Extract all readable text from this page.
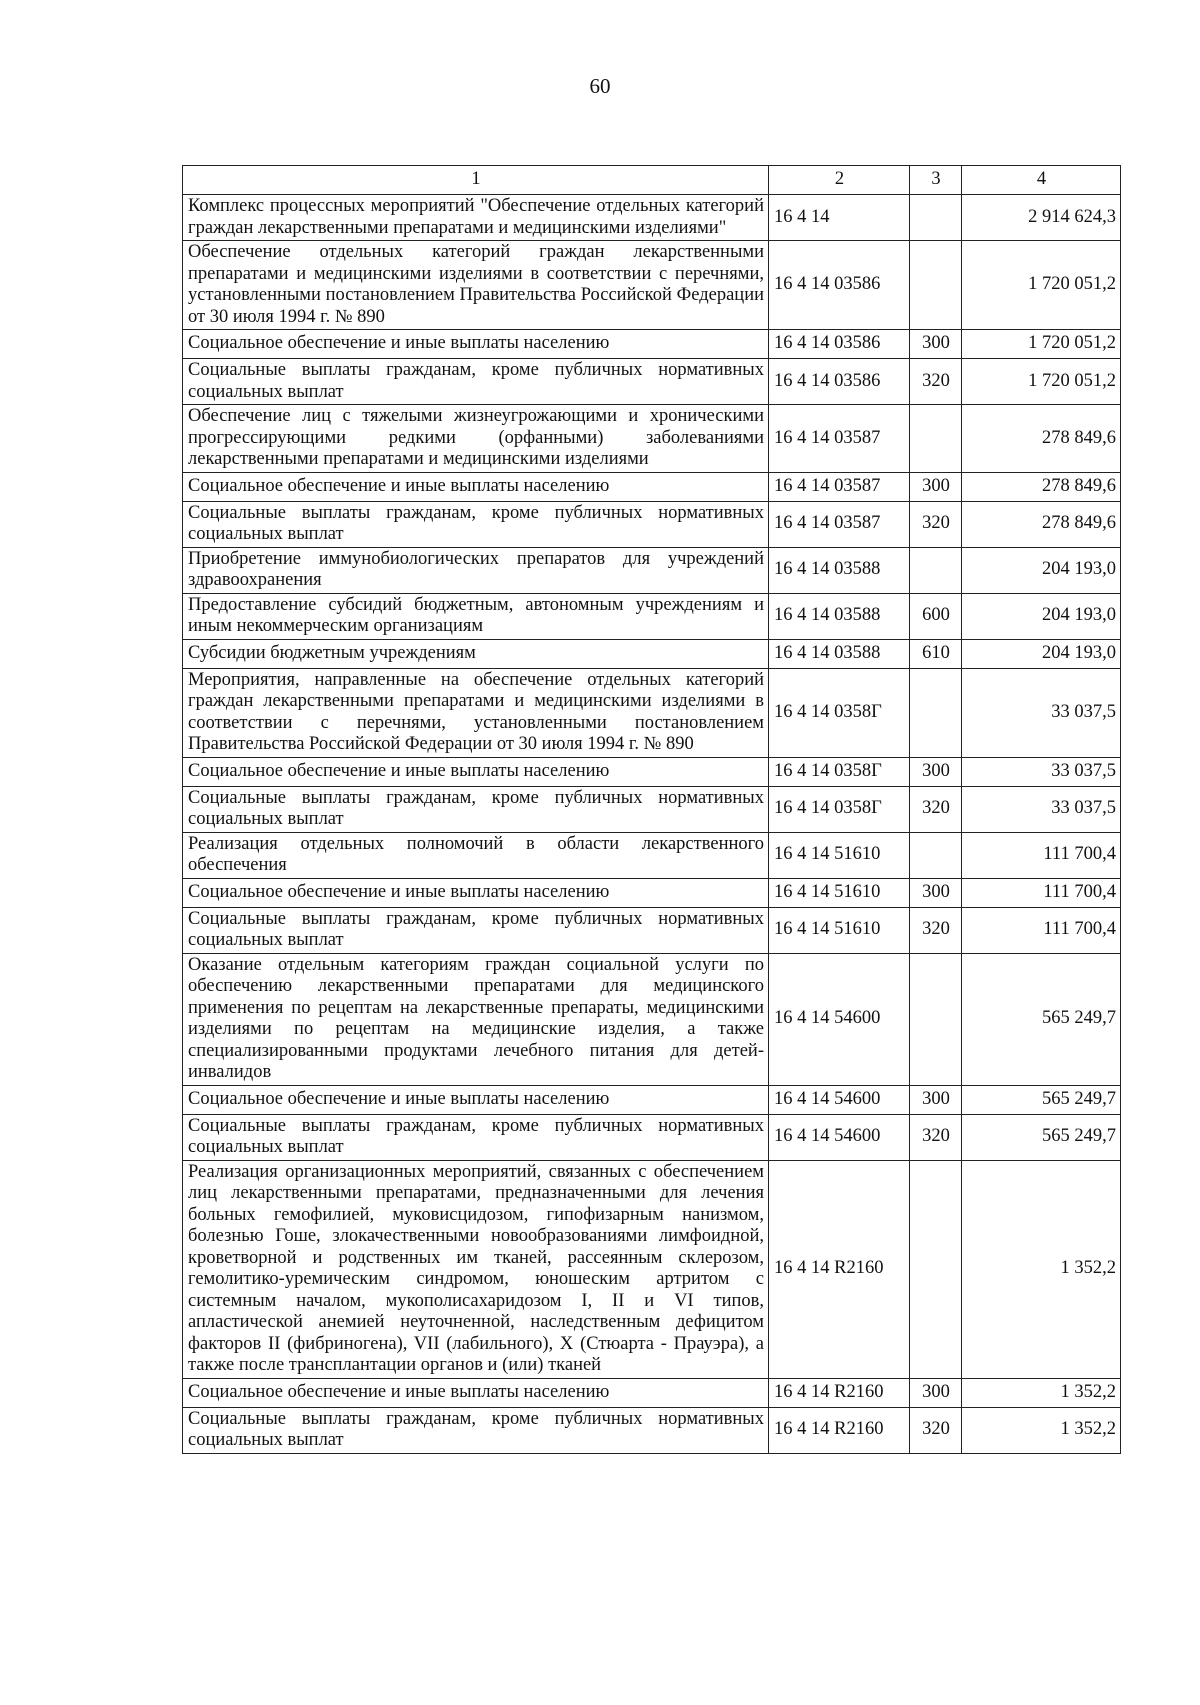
60
1	2	3	4
Комплекс процессных мероприятий "Обеспечение отдельных категорий граждан лекарственными препаратами и медицинскими изделиями"	16 4 14		2 914 624,3
Обеспечение отдельных категорий граждан лекарственными препаратами и медицинскими изделиями в соответствии с перечнями, установленными постановлением Правительства Российской Федерации от 30 июля 1994 г. № 890	16 4 14 03586		1 720 051,2
Социальное обеспечение и иные выплаты населению	16 4 14 03586	300	1 720 051,2
Социальные выплаты гражданам, кроме публичных нормативных социальных выплат	16 4 14 03586	320	1 720 051,2
Обеспечение лиц с тяжелыми жизнеугрожающими и хроническими прогрессирующими редкими (орфанными) заболеваниями лекарственными препаратами и медицинскими изделиями	16 4 14 03587		278 849,6
Социальное обеспечение и иные выплаты населению	16 4 14 03587	300	278 849,6
Социальные выплаты гражданам, кроме публичных нормативных социальных выплат	16 4 14 03587	320	278 849,6
Приобретение иммунобиологических препаратов для учреждений здравоохранения	16 4 14 03588		204 193,0
Предоставление субсидий бюджетным, автономным учреждениям и иным некоммерческим организациям	16 4 14 03588	600	204 193,0
Субсидии бюджетным учреждениям	16 4 14 03588	610	204 193,0
Мероприятия, направленные на обеспечение отдельных категорий граждан лекарственными препаратами и медицинскими изделиями в соответствии с перечнями, установленными постановлением Правительства Российской Федерации от 30 июля 1994 г. № 890	16 4 14 0358Г		33 037,5
Социальное обеспечение и иные выплаты населению	16 4 14 0358Г	300	33 037,5
Социальные выплаты гражданам, кроме публичных нормативных социальных выплат	16 4 14 0358Г	320	33 037,5
Реализация отдельных полномочий в области лекарственного обеспечения	16 4 14 51610		111 700,4
Социальное обеспечение и иные выплаты населению	16 4 14 51610	300	111 700,4
Социальные выплаты гражданам, кроме публичных нормативных социальных выплат	16 4 14 51610	320	111 700,4
Оказание отдельным категориям граждан социальной услуги по обеспечению лекарственными препаратами для медицинского применения по рецептам на лекарственные препараты, медицинскими изделиями по рецептам на медицинские изделия, а также специализированными продуктами лечебного питания для детей-инвалидов	16 4 14 54600		565 249,7
Социальное обеспечение и иные выплаты населению	16 4 14 54600	300	565 249,7
Социальные выплаты гражданам, кроме публичных нормативных социальных выплат	16 4 14 54600	320	565 249,7
Реализация организационных мероприятий, связанных с обеспечением лиц лекарственными препаратами, предназначенными для лечения больных гемофилией, муковисцидозом, гипофизарным нанизмом, болезнью Гоше, злокачественными новообразованиями лимфоидной, кроветворной и родственных им тканей, рассеянным склерозом, гемолитико-уремическим синдромом, юношеским артритом с системным началом, мукополисахаридозом I, II и VI типов, апластической анемией неуточненной, наследственным дефицитом факторов II (фибриногена), VII (лабильного), X (Стюарта - Прауэра), а также после трансплантации органов и (или) тканей	16 4 14 R2160		1 352,2
Социальное обеспечение и иные выплаты населению	16 4 14 R2160	300	1 352,2
Социальные выплаты гражданам, кроме публичных нормативных социальных выплат	16 4 14 R2160	320	1 352,2
